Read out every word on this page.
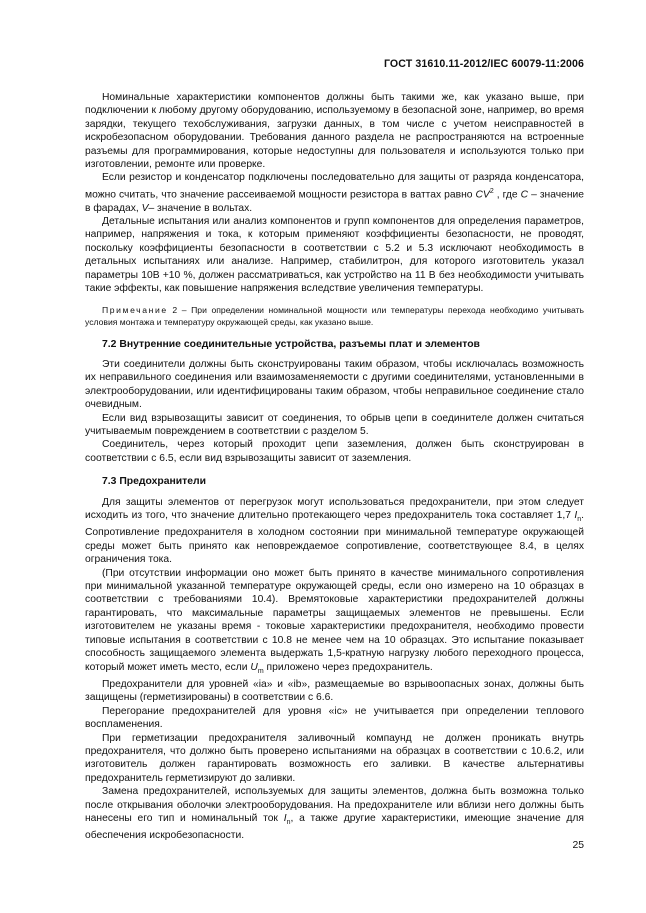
ГОСТ 31610.11-2012/IEC 60079-11:2006

Номинальные характеристики компонентов должны быть такими же, как указано выше, при подключении к любому другому оборудованию, используемому в безопасной зоне, например, во время зарядки, текущего техобслуживания, загрузки данных, в том числе с учетом неисправностей в искробезопасном оборудовании. Требования данного раздела не распространяются на встроенные разъемы для программирования, которые недоступны для пользователя и используются только при изготовлении, ремонте или проверке.

Если резистор и конденсатор подключены последовательно для защиты от разряда конденсатора, можно считать, что значение рассеиваемой мощности резистора в ваттах равно $CV^2$ , где C – значение в фарадах, V– значение в вольтах.

Детальные испытания или анализ компонентов и групп компонентов для определения параметров, например, напряжения и тока, к которым применяют коэффициенты безопасности, не проводят, поскольку коэффициенты безопасности в соответствии с 5.2 и 5.3 исключают необходимость в детальных испытаниях или анализе. Например, стабилитрон, для которого изготовитель указал параметры 10В +10 %, должен рассматриваться, как устройство на 11 В без необходимости учитывать такие эффекты, как повышение напряжения вследствие увеличения температуры.

Примечание 2 – При определении номинальной мощности или температуры перехода необходимо учитывать условия монтажа и температуру окружающей среды, как указано выше.

7.2 Внутренние соединительные устройства, разъемы плат и элементов

Эти соединители должны быть сконструированы таким образом, чтобы исключалась возможность их неправильного соединения или взаимозаменяемости с другими соединителями, установленными в электрооборудовании, или идентифицированы таким образом, чтобы неправильное соединение стало очевидным.

Если вид взрывозащиты зависит от соединения, то обрыв цепи в соединителе должен считаться учитываемым повреждением в соответствии с разделом 5.

Соединитель, через который проходит цепи заземления, должен быть сконструирован в соответствии с 6.5, если вид взрывозащиты зависит от заземления.

7.3 Предохранители

Для защиты элементов от перегрузок могут использоваться предохранители, при этом следует исходить из того, что значение длительно протекающего через предохранитель тока составляет 1,7 $I_n$. Сопротивление предохранителя в холодном состоянии при минимальной температуре окружающей среды может быть принято как неповреждаемое сопротивление, соответствующее 8.4, в целях ограничения тока.

(При отсутствии информации оно может быть принято в качестве минимального сопротивления при минимальной указанной температуре окружающей среды, если оно измерено на 10 образцах в соответствии с требованиями 10.4). Времятоковые характеристики предохранителей должны гарантировать, что максимальные параметры защищаемых элементов не превышены. Если изготовителем не указаны время - токовые характеристики предохранителя, необходимо провести типовые испытания в соответствии с 10.8 не менее чем на 10 образцах. Это испытание показывает способность защищаемого элемента выдержать 1,5-кратную нагрузку любого переходного процесса, который может иметь место, если $U_m$ приложено через предохранитель.

Предохранители для уровней «ia» и «ib», размещаемые во взрывоопасных зонах, должны быть защищены (герметизированы) в соответствии с 6.6.

Перегорание предохранителей для уровня «ic» не учитывается при определении теплового воспламенения.

При герметизации предохранителя заливочный компаунд не должен проникать внутрь предохранителя, что должно быть проверено испытаниями на образцах в соответствии с 10.6.2, или изготовитель должен гарантировать возможность его заливки. В качестве альтернативы предохранитель герметизируют до заливки.

Замена предохранителей, используемых для защиты элементов, должна быть возможна только после открывания оболочки электрооборудования. На предохранителе или вблизи него должны быть нанесены его тип и номинальный ток $I_n$, а также другие характеристики, имеющие значение для обеспечения искробезопасности.

25
